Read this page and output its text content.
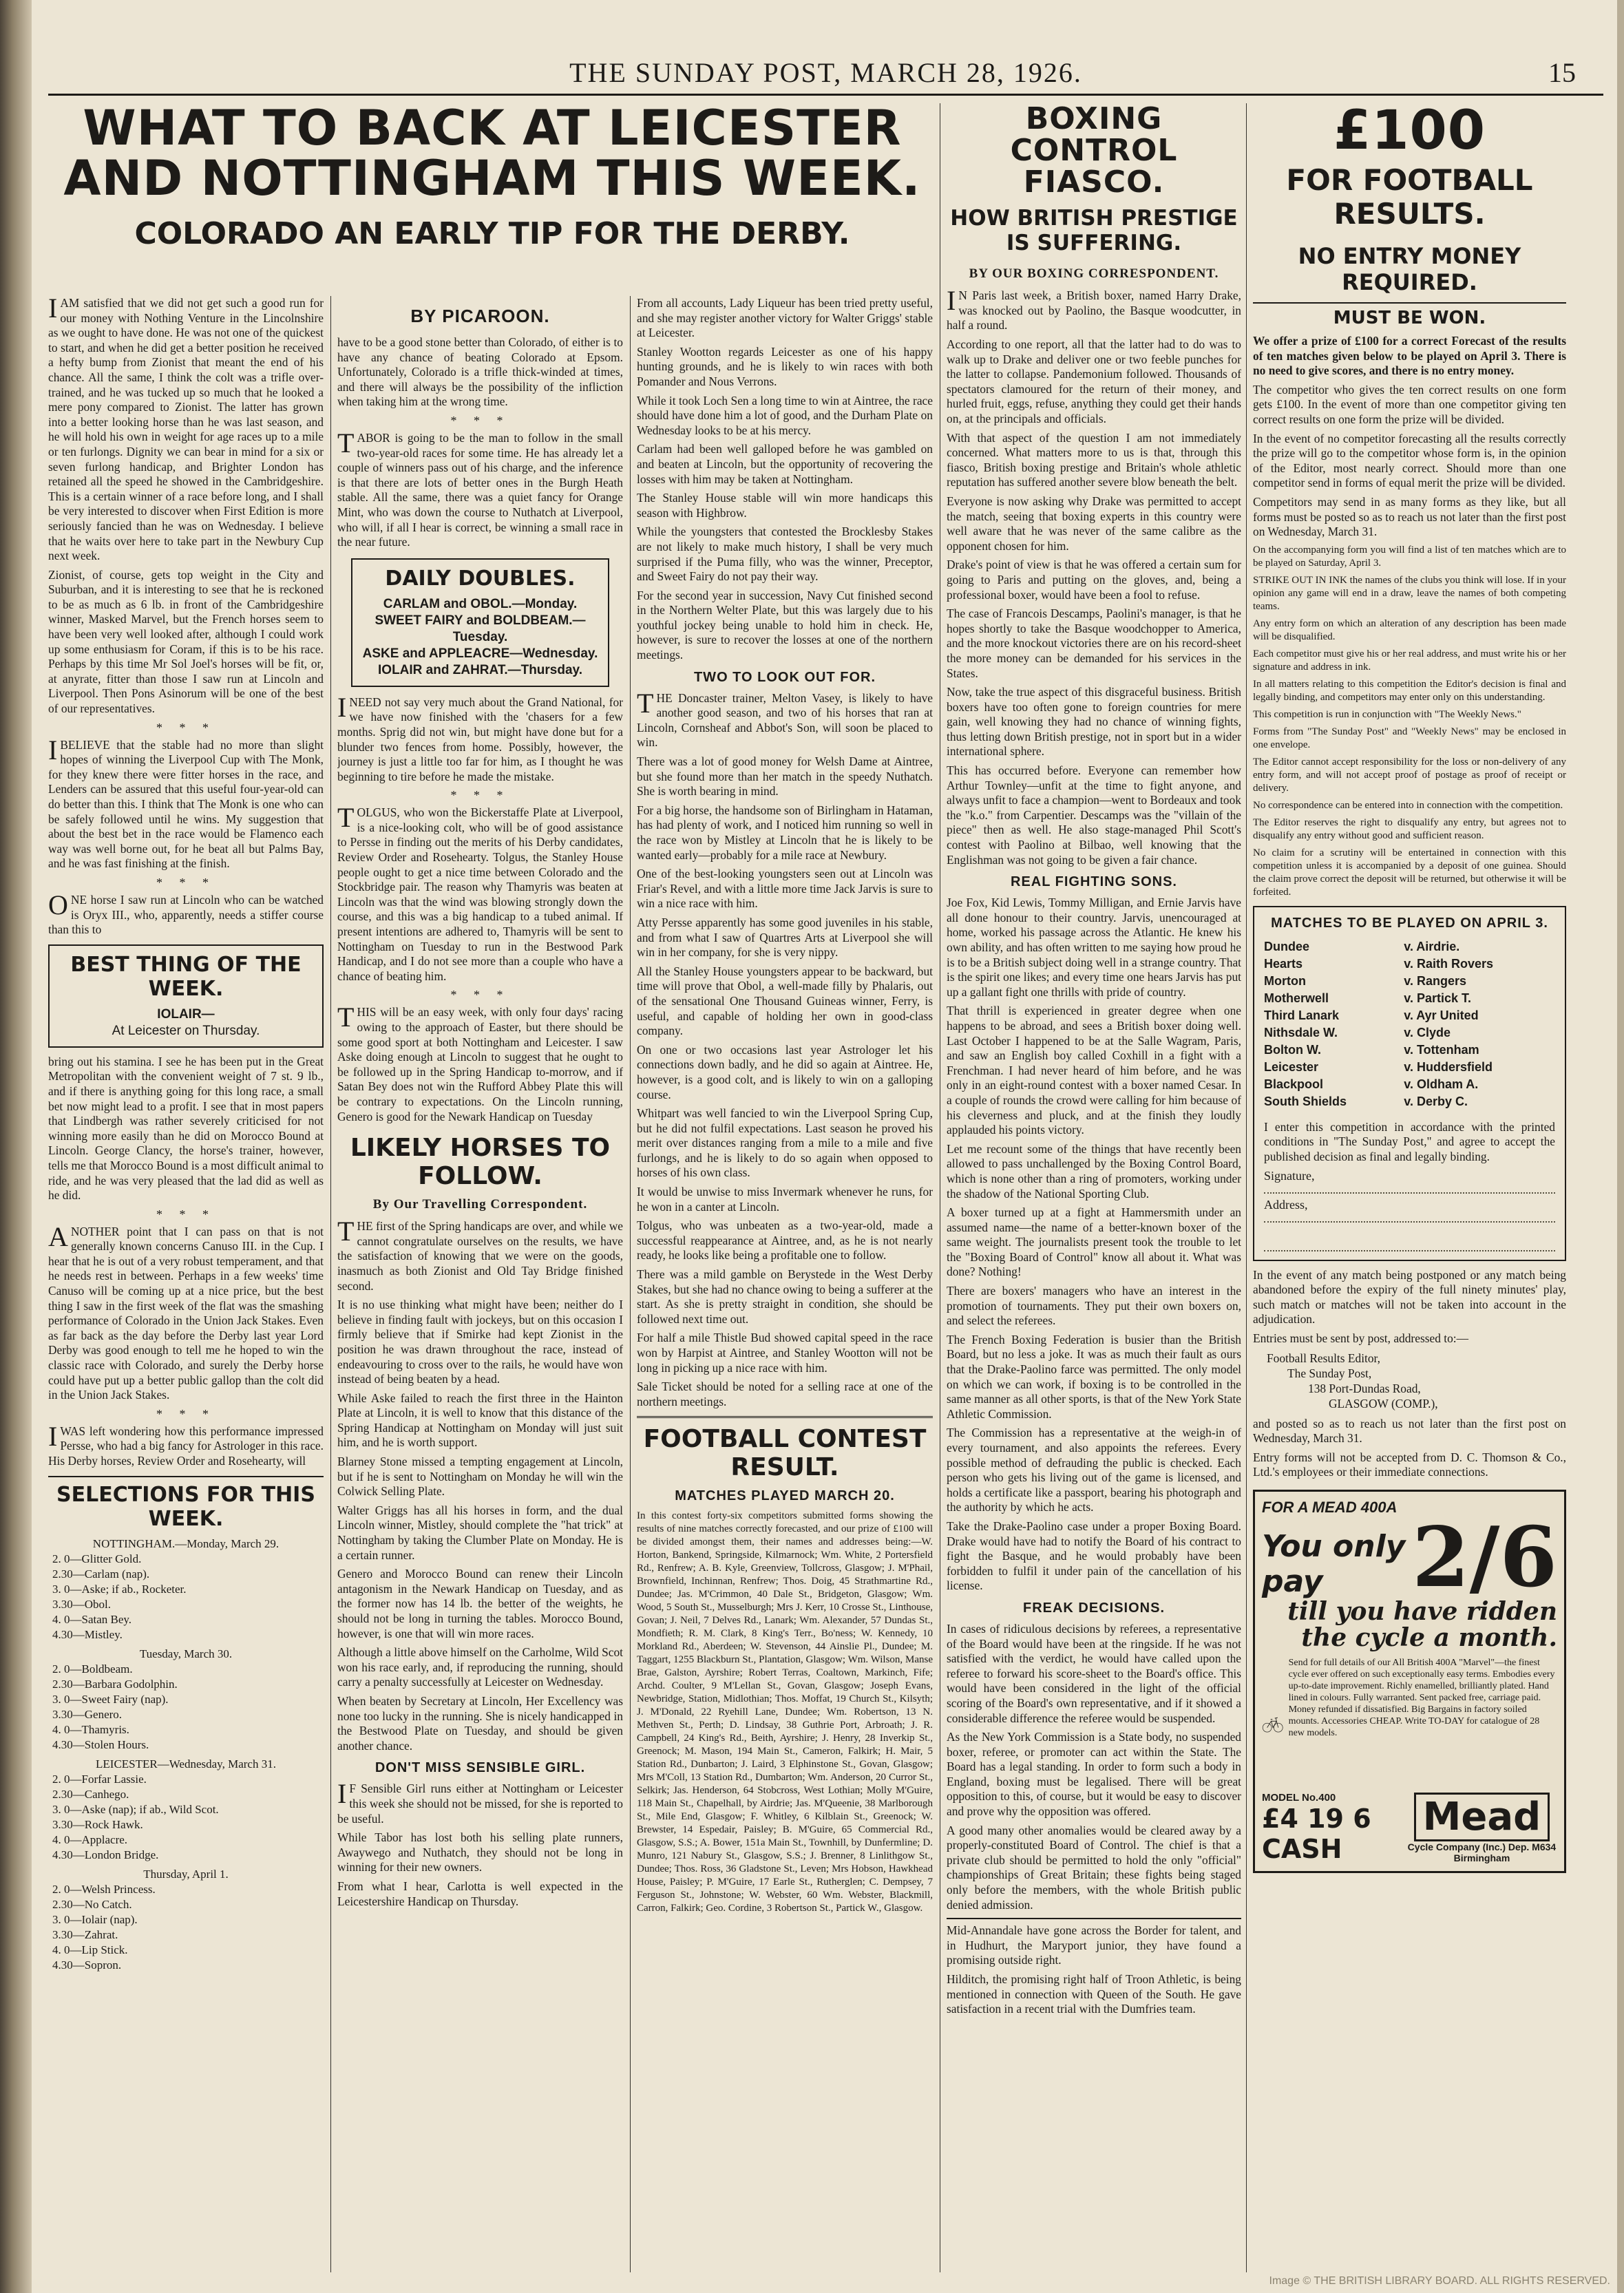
THE SUNDAY POST, MARCH 28, 1926.	15
WHAT TO BACK AT LEICESTER AND NOTTINGHAM THIS WEEK.
COLORADO AN EARLY TIP FOR THE DERBY.

IAM satisfied that we did not get such a good run for our money with Nothing Venture in the Lincolnshire as we ought to have done. He was not one of the quickest to start, and when he did get a better position he received a hefty bump from Zionist that meant the end of his chance. All the same, I think the colt was a trifle over-trained, and he was tucked up so much that he looked a mere pony compared to Zionist. The latter has grown into a better looking horse than he was last season, and he will hold his own in weight for age races up to a mile or ten furlongs. Dignity we can bear in mind for a six or seven furlong handicap, and Brighter London has retained all the speed he showed in the Cambridgeshire. This is a certain winner of a race before long, and I shall be very interested to discover when First Edition is more seriously fancied than he was on Wednesday. I believe that he waits over here to take part in the Newbury Cup next week.

Zionist, of course, gets top weight in the City and Suburban, and it is interesting to see that he is reckoned to be as much as 6 lb. in front of the Cambridgeshire winner, Masked Marvel, but the French horses seem to have been very well looked after, although I could work up some enthusiasm for Coram, if this is to be his race. Perhaps by this time Mr Sol Joel's horses will be fit, or, at anyrate, fitter than those I saw run at Lincoln and Liverpool. Then Pons Asinorum will be one of the best of our representatives.

* * *

IBELIEVE that the stable had no more than slight hopes of winning the Liverpool Cup with The Monk, for they knew there were fitter horses in the race, and Lenders can be assured that this useful four-year-old can do better than this. I think that The Monk is one who can be safely followed until he wins. My suggestion that about the best bet in the race would be Flamenco each way was well borne out, for he beat all but Palms Bay, and he was fast finishing at the finish.

* * *

ONE horse I saw run at Lincoln who can be watched is Oryx III., who, apparently, needs a stiffer course than this to

BEST THING OF THE WEEK.
IOLAIR—
At Leicester on Thursday.

bring out his stamina. I see he has been put in the Great Metropolitan with the convenient weight of 7 st. 9 lb., and if there is anything going for this long race, a small bet now might lead to a profit. I see that in most papers that Lindbergh was rather severely criticised for not winning more easily than he did on Morocco Bound at Lincoln. George Clancy, the horse's trainer, however, tells me that Morocco Bound is a most difficult animal to ride, and he was very pleased that the lad did as well as he did.

* * *

ANOTHER point that I can pass on that is not generally known concerns Canuso III. in the Cup. I hear that he is out of a very robust temperament, and that he needs rest in between. Perhaps in a few weeks' time Canuso will be coming up at a nice price, but the best thing I saw in the first week of the flat was the smashing performance of Colorado in the Union Jack Stakes. Even as far back as the day before the Derby last year Lord Derby was good enough to tell me he hoped to win the classic race with Colorado, and surely the Derby horse could have put up a better public gallop than the colt did in the Union Jack Stakes.

* * *

IWAS left wondering how this performance impressed Persse, who had a big fancy for Astrologer in this race. His Derby horses, Review Order and Rosehearty, will

SELECTIONS FOR THIS WEEK.
NOTTINGHAM.—Monday, March 29.
2. 0—Glitter Gold.
2.30—Carlam (nap).
3. 0—Aske; if ab., Rocketer.
3.30—Obol.
4. 0—Satan Bey.
4.30—Mistley.
Tuesday, March 30.
2. 0—Boldbeam.
2.30—Barbara Godolphin.
3. 0—Sweet Fairy (nap).
3.30—Genero.
4. 0—Thamyris.
4.30—Stolen Hours.
LEICESTER—Wednesday, March 31.
2. 0—Forfar Lassie.
2.30—Canhego.
3. 0—Aske (nap); if ab., Wild Scot.
3.30—Rock Hawk.
4. 0—Applacre.
4.30—London Bridge.
Thursday, April 1.
2. 0—Welsh Princess.
2.30—No Catch.
3. 0—Iolair (nap).
3.30—Zahrat.
4. 0—Lip Stick.
4.30—Sopron.
BY PICAROON.

have to be a good stone better than Colorado, of either is to have any chance of beating Colorado at Epsom. Unfortunately, Colorado is a trifle thick-winded at times, and there will always be the possibility of the infliction when taking him at the wrong time.

* * *

TABOR is going to be the man to follow in the small two-year-old races for some time. He has already let a couple of winners pass out of his charge, and the inference is that there are lots of better ones in the Burgh Heath stable. All the same, there was a quiet fancy for Orange Mint, who was down the course to Nuthatch at Liverpool, who will, if all I hear is correct, be winning a small race in the near future.

DAILY DOUBLES.
CARLAM and OBOL.—Monday.
SWEET FAIRY and BOLDBEAM.—Tuesday.
ASKE and APPLEACRE—Wednesday.
IOLAIR and ZAHRAT.—Thursday.

INEED not say very much about the Grand National, for we have now finished with the 'chasers for a few months. Sprig did not win, but might have done but for a blunder two fences from home. Possibly, however, the journey is just a little too far for him, as I thought he was beginning to tire before he made the mistake.

* * *

TOLGUS, who won the Bickerstaffe Plate at Liverpool, is a nice-looking colt, who will be of good assistance to Persse in finding out the merits of his Derby candidates, Review Order and Rosehearty. Tolgus, the Stanley House people ought to get a nice time between Colorado and the Stockbridge pair. The reason why Thamyris was beaten at Lincoln was that the wind was blowing strongly down the course, and this was a big handicap to a tubed animal. If present intentions are adhered to, Thamyris will be sent to Nottingham on Tuesday to run in the Bestwood Park Handicap, and I do not see more than a couple who have a chance of beating him.

* * *

THIS will be an easy week, with only four days' racing owing to the approach of Easter, but there should be some good sport at both Nottingham and Leicester. I saw Aske doing enough at Lincoln to suggest that he ought to be followed up in the Spring Handicap to-morrow, and if Satan Bey does not win the Rufford Abbey Plate this will be contrary to expectations. On the Lincoln running, Genero is good for the Newark Handicap on Tuesday

LIKELY HORSES TO FOLLOW.
By Our Travelling Correspondent.

THE first of the Spring handicaps are over, and while we cannot congratulate ourselves on the results, we have the satisfaction of knowing that we were on the goods, inasmuch as both Zionist and Old Tay Bridge finished second.

It is no use thinking what might have been; neither do I believe in finding fault with jockeys, but on this occasion I firmly believe that if Smirke had kept Zionist in the position he was drawn throughout the race, instead of endeavouring to cross over to the rails, he would have won instead of being beaten by a head.

While Aske failed to reach the first three in the Hainton Plate at Lincoln, it is well to know that this distance of the Spring Handicap at Nottingham on Monday will just suit him, and he is worth support.

Blarney Stone missed a tempting engagement at Lincoln, but if he is sent to Nottingham on Monday he will win the Colwick Selling Plate.

Walter Griggs has all his horses in form, and the dual Lincoln winner, Mistley, should complete the "hat trick" at Nottingham by taking the Clumber Plate on Monday. He is a certain runner.

Genero and Morocco Bound can renew their Lincoln antagonism in the Newark Handicap on Tuesday, and as the former now has 14 lb. the better of the weights, he should not be long in turning the tables. Morocco Bound, however, is one that will win more races.

Although a little above himself on the Carholme, Wild Scot won his race early, and, if reproducing the running, should carry a penalty successfully at Leicester on Wednesday.

When beaten by Secretary at Lincoln, Her Excellency was none too lucky in the running. She is nicely handicapped in the Bestwood Plate on Tuesday, and should be given another chance.

DON'T MISS SENSIBLE GIRL.

IF Sensible Girl runs either at Nottingham or Leicester this week she should not be missed, for she is reported to be useful.

While Tabor has lost both his selling plate runners, Awaywego and Nuthatch, they should not be long in winning for their new owners.

From what I hear, Carlotta is well expected in the Leicestershire Handicap on Thursday.

From all accounts, Lady Liqueur has been tried pretty useful, and she may register another victory for Walter Griggs' stable at Leicester.

Stanley Wootton regards Leicester as one of his happy hunting grounds, and he is likely to win races with both Pomander and Nous Verrons.

While it took Loch Sen a long time to win at Aintree, the race should have done him a lot of good, and the Durham Plate on Wednesday looks to be at his mercy.

Carlam had been well galloped before he was gambled on and beaten at Lincoln, but the opportunity of recovering the losses with him may be taken at Nottingham.

The Stanley House stable will win more handicaps this season with Highbrow.

While the youngsters that contested the Brocklesby Stakes are not likely to make much history, I shall be very much surprised if the Puma filly, who was the winner, Preceptor, and Sweet Fairy do not pay their way.

For the second year in succession, Navy Cut finished second in the Northern Welter Plate, but this was largely due to his youthful jockey being unable to hold him in check. He, however, is sure to recover the losses at one of the northern meetings.

TWO TO LOOK OUT FOR.

THE Doncaster trainer, Melton Vasey, is likely to have another good season, and two of his horses that ran at Lincoln, Cornsheaf and Abbot's Son, will soon be placed to win.

There was a lot of good money for Welsh Dame at Aintree, but she found more than her match in the speedy Nuthatch. She is worth bearing in mind.

For a big horse, the handsome son of Birlingham in Hataman, has had plenty of work, and I noticed him running so well in the race won by Mistley at Lincoln that he is likely to be wanted early—probably for a mile race at Newbury.

One of the best-looking youngsters seen out at Lincoln was Friar's Revel, and with a little more time Jack Jarvis is sure to win a nice race with him.

Atty Persse apparently has some good juveniles in his stable, and from what I saw of Quartres Arts at Liverpool she will win in her company, for she is very nippy.

All the Stanley House youngsters appear to be backward, but time will prove that Obol, a well-made filly by Phalaris, out of the sensational One Thousand Guineas winner, Ferry, is useful, and capable of holding her own in good-class company.

On one or two occasions last year Astrologer let his connections down badly, and he did so again at Aintree. He, however, is a good colt, and is likely to win on a galloping course.

Whitpart was well fancied to win the Liverpool Spring Cup, but he did not fulfil expectations. Last season he proved his merit over distances ranging from a mile to a mile and five furlongs, and he is likely to do so again when opposed to horses of his own class.

It would be unwise to miss Invermark whenever he runs, for he won in a canter at Lincoln.

Tolgus, who was unbeaten as a two-year-old, made a successful reappearance at Aintree, and, as he is not nearly ready, he looks like being a profitable one to follow.

There was a mild gamble on Berystede in the West Derby Stakes, but she had no chance owing to being a sufferer at the start. As she is pretty straight in condition, she should be followed next time out.

For half a mile Thistle Bud showed capital speed in the race won by Harpist at Aintree, and Stanley Wootton will not be long in picking up a nice race with him.

Sale Ticket should be noted for a selling race at one of the northern meetings.

FOOTBALL CONTEST RESULT.
MATCHES PLAYED MARCH 20.
In this contest forty-six competitors submitted forms showing the results of nine matches correctly forecasted, and our prize of £100 will be divided amongst them, their names and addresses being:—W. Horton, Bankend, Springside, Kilmarnock; Wm. White, 2 Portersfield Rd., Renfrew; A. B. Kyle, Greenview, Tollcross, Glasgow; J. M'Phail, Brownfield, Inchinnan, Renfrew; Thos. Doig, 45 Strathmartine Rd., Dundee; Jas. M'Crimmon, 40 Dale St., Bridgeton, Glasgow; Wm. Wood, 5 South St., Musselburgh; Mrs J. Kerr, 10 Crosse St., Linthouse, Govan; J. Neil, 7 Delves Rd., Lanark; Wm. Alexander, 57 Dundas St., Mondfieth; R. M. Clark, 8 King's Terr., Bo'ness; W. Kennedy, 10 Morkland Rd., Aberdeen; W. Stevenson, 44 Ainslie Pl., Dundee; M. Taggart, 1255 Blackburn St., Plantation, Glasgow; Wm. Wilson, Manse Brae, Galston, Ayrshire; Robert Terras, Coaltown, Markinch, Fife; Archd. Coulter, 9 M'Lellan St., Govan, Glasgow; Joseph Evans, Newbridge, Station, Midlothian; Thos. Moffat, 19 Church St., Kilsyth; J. M'Donald, 22 Ryehill Lane, Dundee; Wm. Robertson, 13 N. Methven St., Perth; D. Lindsay, 38 Guthrie Port, Arbroath; J. R. Campbell, 24 King's Rd., Beith, Ayrshire; J. Henry, 28 Inverkip St., Greenock; M. Mason, 194 Main St., Cameron, Falkirk; H. Mair, 5 Station Rd., Dunbarton; J. Laird, 3 Elphinstone St., Govan, Glasgow; Mrs M'Coll, 13 Station Rd., Dumbarton; Wm. Anderson, 20 Curror St., Selkirk; Jas. Henderson, 64 Stobcross, West Lothian; Molly M'Guire, 118 Main St., Chapelhall, by Airdrie; Jas. M'Queenie, 38 Marlborough St., Mile End, Glasgow; F. Whitley, 6 Kilblain St., Greenock; W. Brewster, 14 Espedair, Paisley; B. M'Guire, 65 Commercial Rd., Glasgow, S.S.; A. Bower, 151a Main St., Townhill, by Dunfermline; D. Munro, 121 Nabury St., Glasgow, S.S.; J. Brenner, 8 Linlithgow St., Dundee; Thos. Ross, 36 Gladstone St., Leven; Mrs Hobson, Hawkhead House, Paisley; P. M'Guire, 17 Earle St., Rutherglen; C. Dempsey, 7 Ferguson St., Johnstone; W. Webster, 60 Wm. Webster, Blackmill, Carron, Falkirk; Geo. Cordine, 3 Robertson St., Partick W., Glasgow.
BOXING CONTROL FIASCO.
HOW BRITISH PRESTIGE IS SUFFERING.
BY OUR BOXING CORRESPONDENT.

IN Paris last week, a British boxer, named Harry Drake, was knocked out by Paolino, the Basque woodcutter, in half a round.

According to one report, all that the latter had to do was to walk up to Drake and deliver one or two feeble punches for the latter to collapse. Pandemonium followed. Thousands of spectators clamoured for the return of their money, and hurled fruit, eggs, refuse, anything they could get their hands on, at the principals and officials.

With that aspect of the question I am not immediately concerned. What matters more to us is that, through this fiasco, British boxing prestige and Britain's whole athletic reputation has suffered another severe blow beneath the belt.

Everyone is now asking why Drake was permitted to accept the match, seeing that boxing experts in this country were well aware that he was never of the same calibre as the opponent chosen for him.

Drake's point of view is that he was offered a certain sum for going to Paris and putting on the gloves, and, being a professional boxer, would have been a fool to refuse.

The case of Francois Descamps, Paolini's manager, is that he hopes shortly to take the Basque woodchopper to America, and the more knockout victories there are on his record-sheet the more money can be demanded for his services in the States.

Now, take the true aspect of this disgraceful business. British boxers have too often gone to foreign countries for mere gain, well knowing they had no chance of winning fights, thus letting down British prestige, not in sport but in a wider international sphere.

This has occurred before. Everyone can remember how Arthur Townley—unfit at the time to fight anyone, and always unfit to face a champion—went to Bordeaux and took the "k.o." from Carpentier. Descamps was the "villain of the piece" then as well. He also stage-managed Phil Scott's contest with Paolino at Bilbao, well knowing that the Englishman was not going to be given a fair chance.

REAL FIGHTING SONS.

Joe Fox, Kid Lewis, Tommy Milligan, and Ernie Jarvis have all done honour to their country. Jarvis, unencouraged at home, worked his passage across the Atlantic. He knew his own ability, and has often written to me saying how proud he is to be a British subject doing well in a strange country. That is the spirit one likes; and every time one hears Jarvis has put up a gallant fight one thrills with pride of country.

That thrill is experienced in greater degree when one happens to be abroad, and sees a British boxer doing well. Last October I happened to be at the Salle Wagram, Paris, and saw an English boy called Coxhill in a fight with a Frenchman. I had never heard of him before, and he was only in an eight-round contest with a boxer named Cesar. In a couple of rounds the crowd were calling for him because of his cleverness and pluck, and at the finish they loudly applauded his points victory.

Let me recount some of the things that have recently been allowed to pass unchallenged by the Boxing Control Board, which is none other than a ring of promoters, working under the shadow of the National Sporting Club.

A boxer turned up at a fight at Hammersmith under an assumed name—the name of a better-known boxer of the same weight. The journalists present took the trouble to let the "Boxing Board of Control" know all about it. What was done? Nothing!

There are boxers' managers who have an interest in the promotion of tournaments. They put their own boxers on, and select the referees.

The French Boxing Federation is busier than the British Board, but no less a joke. It was as much their fault as ours that the Drake-Paolino farce was permitted. The only model on which we can work, if boxing is to be controlled in the same manner as all other sports, is that of the New York State Athletic Commission.

The Commission has a representative at the weigh-in of every tournament, and also appoints the referees. Every possible method of defrauding the public is checked. Each person who gets his living out of the game is licensed, and holds a certificate like a passport, bearing his photograph and the authority by which he acts.

Take the Drake-Paolino case under a proper Boxing Board. Drake would have had to notify the Board of his contract to fight the Basque, and he would probably have been forbidden to fulfil it under pain of the cancellation of his license.

FREAK DECISIONS.

In cases of ridiculous decisions by referees, a representative of the Board would have been at the ringside. If he was not satisfied with the verdict, he would have called upon the referee to forward his score-sheet to the Board's office. This would have been considered in the light of the official scoring of the Board's own representative, and if it showed a considerable difference the referee would be suspended.

As the New York Commission is a State body, no suspended boxer, referee, or promoter can act within the State. The Board has a legal standing. In order to form such a body in England, boxing must be legalised. There will be great opposition to this, of course, but it would be easy to discover and prove why the opposition was offered.

A good many other anomalies would be cleared away by a properly-constituted Board of Control. The chief is that a private club should be permitted to hold the only "official" championships of Great Britain; these fights being staged only before the members, with the whole British public denied admission.

Mid-Annandale have gone across the Border for talent, and in Hudhurt, the Maryport junior, they have found a promising outside right.

Hilditch, the promising right half of Troon Athletic, is being mentioned in connection with Queen of the South. He gave satisfaction in a recent trial with the Dumfries team.

£100
FOR FOOTBALL RESULTS.
NO ENTRY MONEY REQUIRED.
MUST BE WON.

We offer a prize of £100 for a correct Forecast of the results of ten matches given below to be played on April 3. There is no need to give scores, and there is no entry money.

The competitor who gives the ten correct results on one form gets £100. In the event of more than one competitor giving ten correct results on one form the prize will be divided.

In the event of no competitor forecasting all the results correctly the prize will go to the competitor whose form is, in the opinion of the Editor, most nearly correct. Should more than one competitor send in forms of equal merit the prize will be divided.

Competitors may send in as many forms as they like, but all forms must be posted so as to reach us not later than the first post on Wednesday, March 31.

On the accompanying form you will find a list of ten matches which are to be played on Saturday, April 3.

STRIKE OUT IN INK the names of the clubs you think will lose. If in your opinion any game will end in a draw, leave the names of both competing teams.

Any entry form on which an alteration of any description has been made will be disqualified.

Each competitor must give his or her real address, and must write his or her signature and address in ink.

In all matters relating to this competition the Editor's decision is final and legally binding, and competitors may enter only on this understanding.

This competition is run in conjunction with "The Weekly News."

Forms from "The Sunday Post" and "Weekly News" may be enclosed in one envelope.

The Editor cannot accept responsibility for the loss or non-delivery of any entry form, and will not accept proof of postage as proof of receipt or delivery.

No correspondence can be entered into in connection with the competition.

The Editor reserves the right to disqualify any entry, but agrees not to disqualify any entry without good and sufficient reason.

No claim for a scrutiny will be entertained in connection with this competition unless it is accompanied by a deposit of one guinea. Should the claim prove correct the deposit will be returned, but otherwise it will be forfeited.

MATCHES TO BE PLAYED ON APRIL 3.
Dundee	v. Airdrie.
Hearts	v. Raith Rovers
Morton	v. Rangers
Motherwell	v. Partick T.
Third Lanark	v. Ayr United
Nithsdale W.	v. Clyde
Bolton W.	v. Tottenham
Leicester	v. Huddersfield
Blackpool	v. Oldham A.
South Shields	v. Derby C.

I enter this competition in accordance with the printed conditions in "The Sunday Post," and agree to accept the published decision as final and legally binding.

Signature,
Address,

In the event of any match being postponed or any match being abandoned before the expiry of the full ninety minutes' play, such match or matches will not be taken into account in the adjudication.

Entries must be sent by post, addressed to:—

Football Results Editor,
The Sunday Post,
138 Port-Dundas Road,
GLASGOW (COMP.),

and posted so as to reach us not later than the first post on Wednesday, March 31.

Entry forms will not be accepted from D. C. Thomson & Co., Ltd.'s employees or their immediate connections.

FOR A MEAD 400A
You only pay	2/6
till you have ridden the cycle a month.
Send for full details of our All British 400A "Marvel"—the finest cycle ever offered on such exceptionally easy terms. Embodies every up-to-date improvement. Richly enamelled, brilliantly plated. Hand lined in colours. Fully warranted. Sent packed free, carriage paid. Money refunded if dissatisfied. Big Bargains in factory soiled mounts. Accessories CHEAP. Write TO-DAY for catalogue of 28 new models.
MODEL No.400
£4 19 6 CASH
Mead
Cycle Company (Inc.) Dep. M634 Birmingham
Image © THE BRITISH LIBRARY BOARD. ALL RIGHTS RESERVED.
